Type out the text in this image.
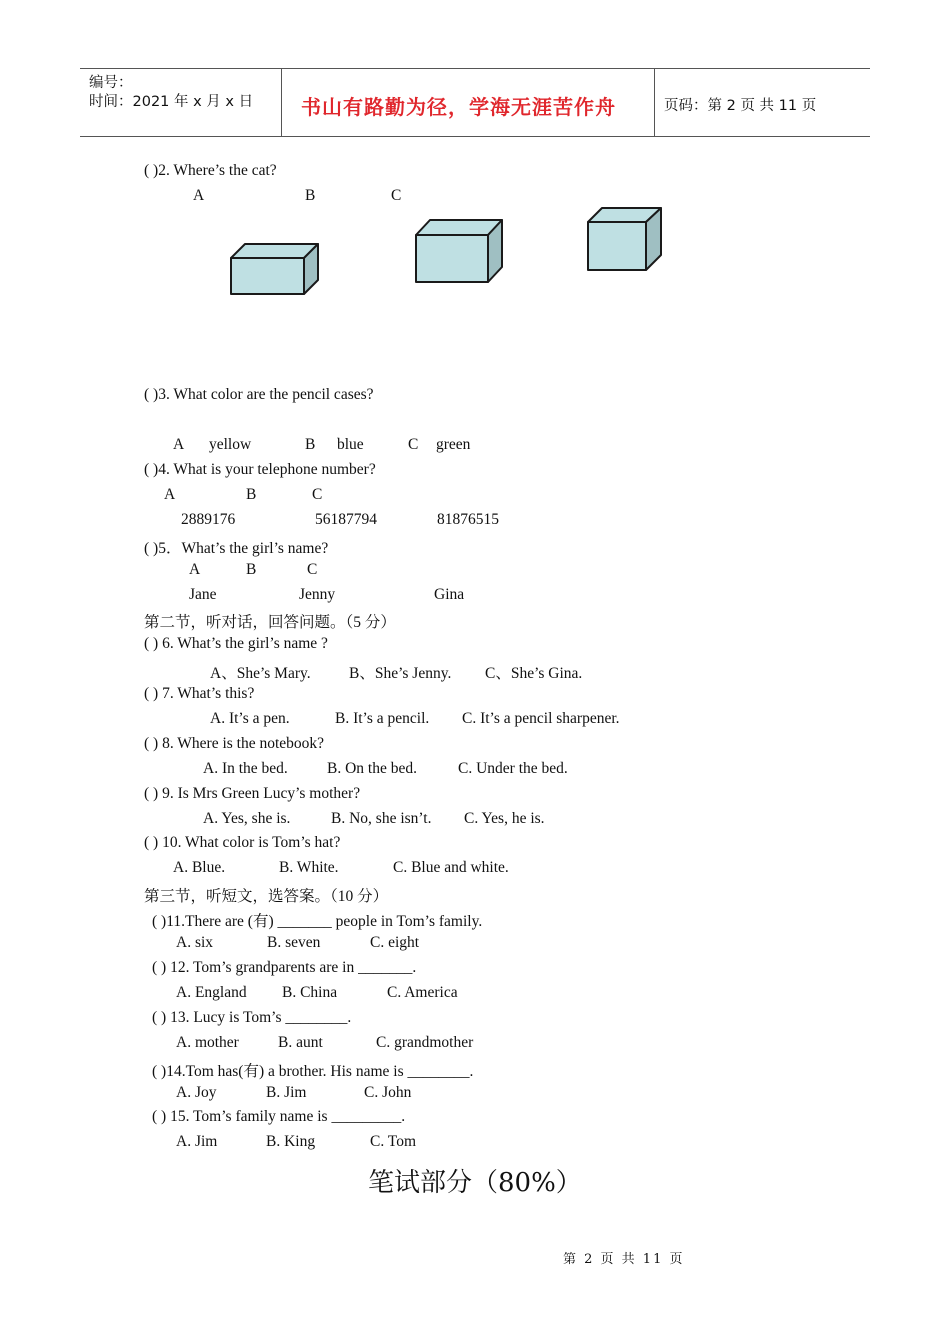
编号：
时间：2021 年 x 月 x 日 书山有路勤为径，学海无涯苦作舟	页码：第 2 页 共 11 页
( )2. Where’s the cat?
A	B	C
( )3. What color are the pencil cases?
A yellow	B blue	C green
( )4. What is your telephone number?
A	B	C
2889176	56187794	81876515
( )5．What’s the girl’s name?
A	B	C
Jane	Jenny	Gina
第二节，听对话，回答问题。（5 分）
( ) 6. What’s the girl’s name ?
A、She’s Mary. B、She’s Jenny. C、She’s Gina.
( ) 7. What’s this?
A. It’s a pen.	B. It’s a pencil. C. It’s a pencil sharpener.
( ) 8. Where is the notebook?
A. In the bed.	B. On the bed.	C. Under the bed.
( ) 9. Is Mrs Green Lucy’s mother?
A. Yes, she is.	B. No, she isn’t. C. Yes, he is.
( ) 10. What color is Tom’s hat?
A. Blue.	B. White.	C. Blue and white.
第三节，听短文，选答案。（10 分）
( )11.There are (有) _______ people in Tom’s family.
A. six	B. seven	C. eight
( ) 12. Tom’s grandparents are in _______.
A. England B. China	C. America
( ) 13. Lucy is Tom’s ________.
A. mother	B. aunt	C. grandmother
( )14.Tom has(有) a brother. His name is ________.
A. Joy	B. Jim	C. John
( ) 15. Tom’s family name is _________.
A. Jim	B. King	C. Tom
笔试部分（80%）
第 2 页 共 11 页
